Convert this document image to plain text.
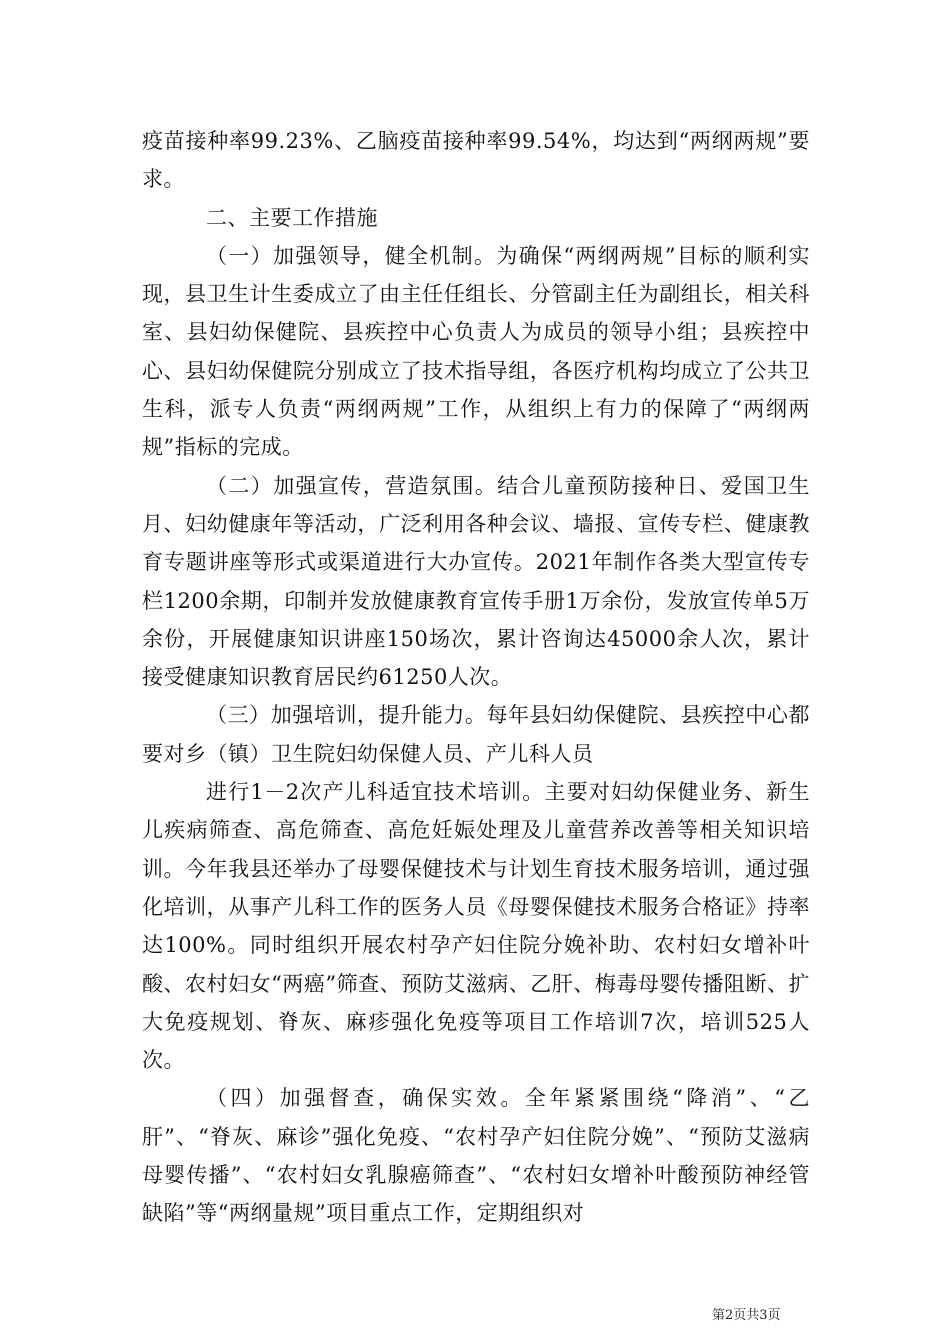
疫苗接种率99.23%、乙脑疫苗接种率99.54%，均达到“两纲两规”要求。

二、主要工作措施

（一）加强领导，健全机制。为确保“两纲两规”目标的顺利实现，县卫生计生委成立了由主任任组长、分管副主任为副组长，相关科室、县妇幼保健院、县疾控中心负责人为成员的领导小组；县疾控中心、县妇幼保健院分别成立了技术指导组，各医疗机构均成立了公共卫生科，派专人负责“两纲两规”工作，从组织上有力的保障了“两纲两规”指标的完成。

（二）加强宣传，营造氛围。结合儿童预防接种日、爱国卫生月、妇幼健康年等活动，广泛利用各种会议、墙报、宣传专栏、健康教育专题讲座等形式或渠道进行大办宣传。2021年制作各类大型宣传专栏1200余期，印制并发放健康教育宣传手册1万余份，发放宣传单5万余份，开展健康知识讲座150场次，累计咨询达45000余人次，累计接受健康知识教育居民约61250人次。

（三）加强培训，提升能力。每年县妇幼保健院、县疾控中心都要对乡（镇）卫生院妇幼保健人员、产儿科人员

进行1－2次产儿科适宜技术培训。主要对妇幼保健业务、新生儿疾病筛查、高危筛查、高危妊娠处理及儿童营养改善等相关知识培训。今年我县还举办了母婴保健技术与计划生育技术服务培训，通过强化培训，从事产儿科工作的医务人员《母婴保健技术服务合格证》持率达100%。同时组织开展农村孕产妇住院分娩补助、农村妇女增补叶酸、农村妇女“两癌”筛查、预防艾滋病、乙肝、梅毒母婴传播阻断、扩大免疫规划、脊灰、麻疹强化免疫等项目工作培训7次，培训525人次。

（四）加强督查，确保实效。全年紧紧围绕“降消”、“乙肝”、“脊灰、麻诊”强化免疫、“农村孕产妇住院分娩”、“预防艾滋病母婴传播”、“农村妇女乳腺癌筛查”、“农村妇女增补叶酸预防神经管缺陷”等“两纲量规”项目重点工作，定期组织对

第2页共3页
